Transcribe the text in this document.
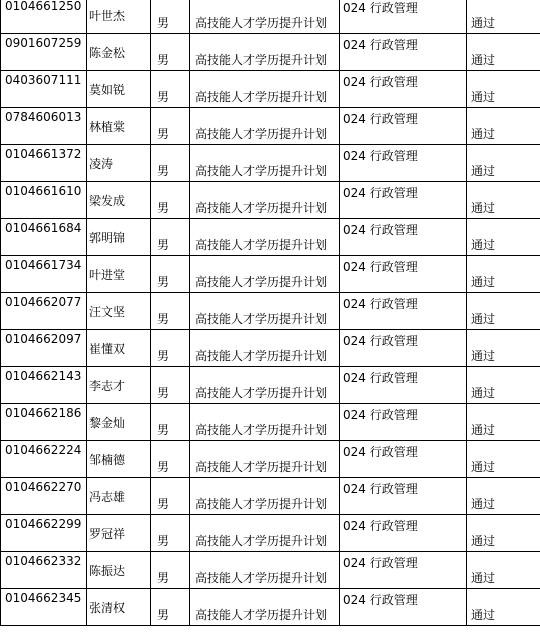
0104661250	叶世杰	男	高技能人才学历提升计划	024 行政管理	通过
0901607259	陈金松	男	高技能人才学历提升计划	024 行政管理	通过
0403607111	莫如锐	男	高技能人才学历提升计划	024 行政管理	通过
0784606013	林植棠	男	高技能人才学历提升计划	024 行政管理	通过
0104661372	凌涛	男	高技能人才学历提升计划	024 行政管理	通过
0104661610	梁发成	男	高技能人才学历提升计划	024 行政管理	通过
0104661684	郭明锦	男	高技能人才学历提升计划	024 行政管理	通过
0104661734	叶进堂	男	高技能人才学历提升计划	024 行政管理	通过
0104662077	汪文坚	男	高技能人才学历提升计划	024 行政管理	通过
0104662097	崔懂双	男	高技能人才学历提升计划	024 行政管理	通过
0104662143	李志才	男	高技能人才学历提升计划	024 行政管理	通过
0104662186	黎金灿	男	高技能人才学历提升计划	024 行政管理	通过
0104662224	邹楠德	男	高技能人才学历提升计划	024 行政管理	通过
0104662270	冯志雄	男	高技能人才学历提升计划	024 行政管理	通过
0104662299	罗冠祥	男	高技能人才学历提升计划	024 行政管理	通过
0104662332	陈振达	男	高技能人才学历提升计划	024 行政管理	通过
0104662345	张清权	男	高技能人才学历提升计划	024 行政管理	通过
